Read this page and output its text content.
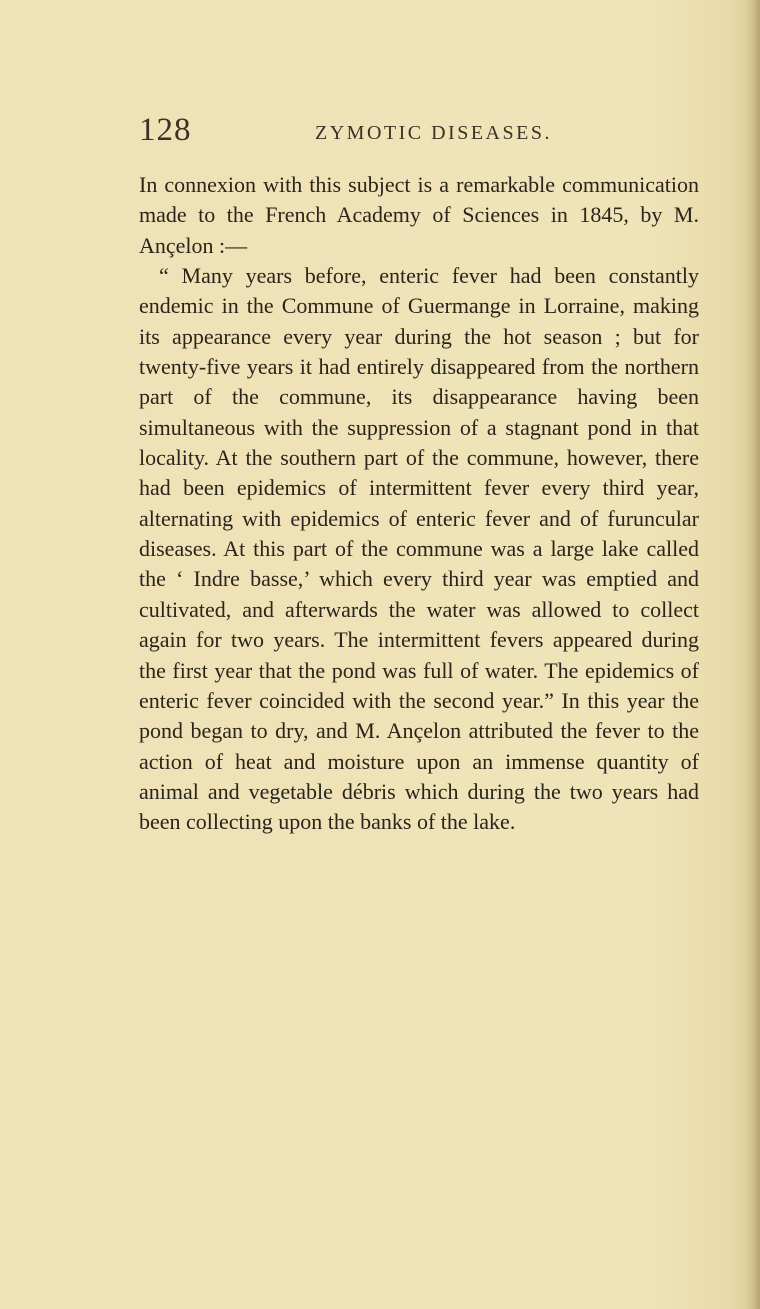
128	ZYMOTIC DISEASES.

In connexion with this subject is a remarkable communication made to the French Academy of Sciences in 1845, by M. Ançelon :—

“ Many years before, enteric fever had been constantly endemic in the Commune of Guermange in Lorraine, making its appearance every year during the hot season ; but for twenty-five years it had entirely disappeared from the northern part of the commune, its disappearance having been simultaneous with the suppression of a stagnant pond in that locality. At the southern part of the commune, however, there had been epidemics of intermittent fever every third year, alternating with epidemics of enteric fever and of furuncular diseases. At this part of the commune was a large lake called the ‘ Indre basse,’ which every third year was emptied and cultivated, and afterwards the water was allowed to collect again for two years. The intermittent fevers appeared during the first year that the pond was full of water. The epidemics of enteric fever coincided with the second year.” In this year the pond began to dry, and M. Ançelon attributed the fever to the action of heat and moisture upon an immense quantity of animal and vegetable débris which during the two years had been collecting upon the banks of the lake.
